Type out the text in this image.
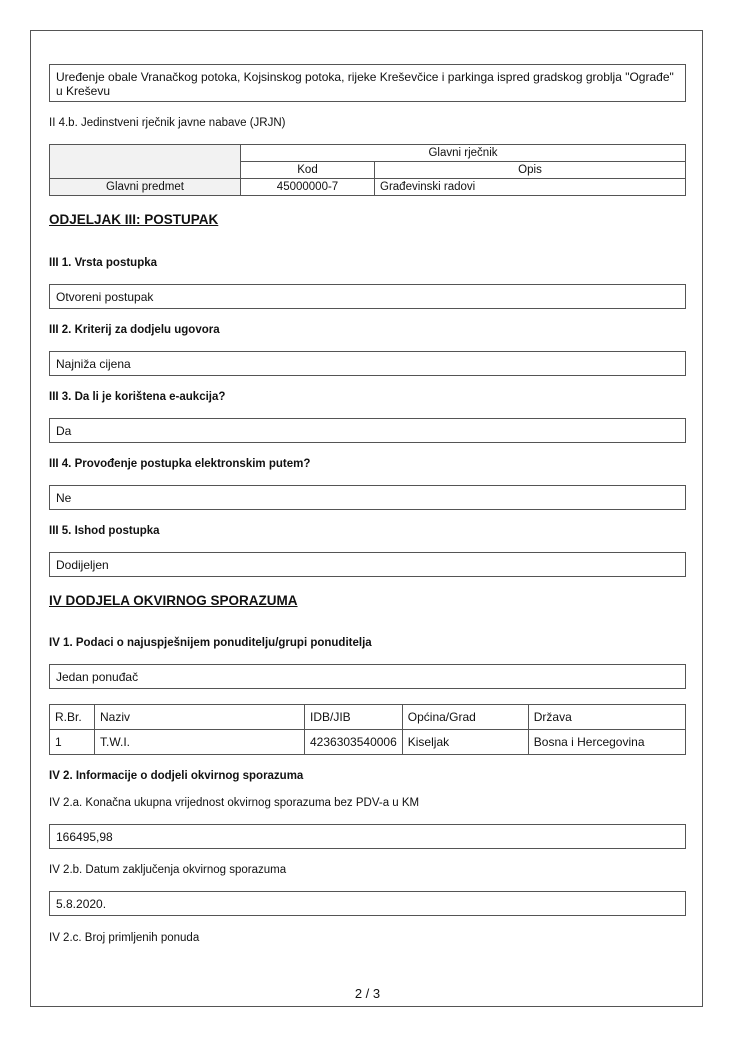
Uređenje obale Vranačkog potoka, Kojsinskog potoka, rijeke Kreševčice i parkinga ispred gradskog groblja "Ograđe" u Kreševu
II 4.b. Jedinstveni rječnik javne nabave (JRJN)
	Glavni rječnik	
	Kod	Opis
Glavni predmet	45000000-7	Građevinski radovi
ODJELJAK III: POSTUPAK
III 1. Vrsta postupka
Otvoreni postupak
III 2. Kriterij za dodjelu ugovora
Najniža cijena
III 3. Da li je korištena e-aukcija?
Da
III 4. Provođenje postupka elektronskim putem?
Ne
III 5. Ishod postupka
Dodijeljen
IV DODJELA OKVIRNOG SPORAZUMA
IV 1. Podaci o najuspješnijem ponuditelju/grupi ponuditelja
Jedan ponuđač
R.Br.	Naziv	IDB/JIB	Općina/Grad	Država
1	T.W.I.	4236303540006	Kiseljak	Bosna i Hercegovina
IV 2. Informacije o dodjeli okvirnog sporazuma
IV 2.a. Konačna ukupna vrijednost okvirnog sporazuma bez PDV-a u KM
166495,98
IV 2.b. Datum zaključenja okvirnog sporazuma
5.8.2020.
IV 2.c. Broj primljenih ponuda
2 / 3
